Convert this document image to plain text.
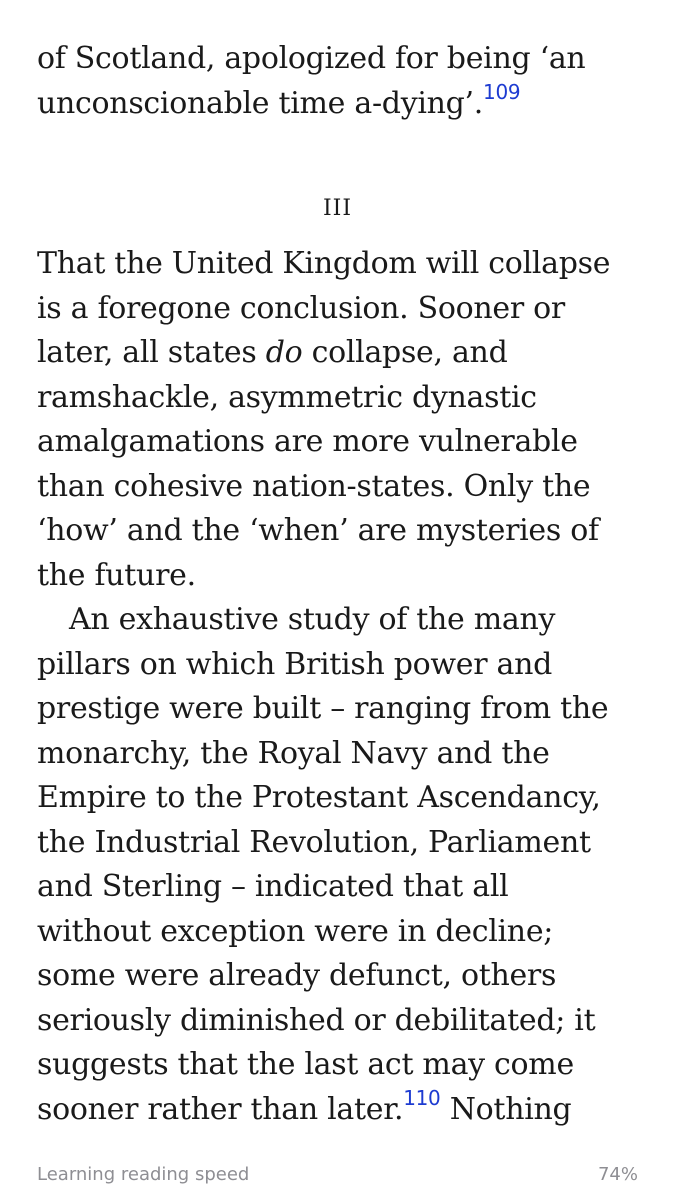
of Scotland, apologized for being ‘an
unconscionable time a-dying’.$^{109}$
III
That the United Kingdom will collapse
is a foregone conclusion. Sooner or
later, all states do collapse, and
ramshackle, asymmetric dynastic
amalgamations are more vulnerable
than cohesive nation-states. Only the
‘how’ and the ‘when’ are mysteries of
the future.
An exhaustive study of the many
pillars on which British power and
prestige were built – ranging from the
monarchy, the Royal Navy and the
Empire to the Protestant Ascendancy,
the Industrial Revolution, Parliament
and Sterling – indicated that all
without exception were in decline;
some were already defunct, others
seriously diminished or debilitated; it
suggests that the last act may come
sooner rather than later.$^{110}$ Nothing
Learning reading speed	74%
